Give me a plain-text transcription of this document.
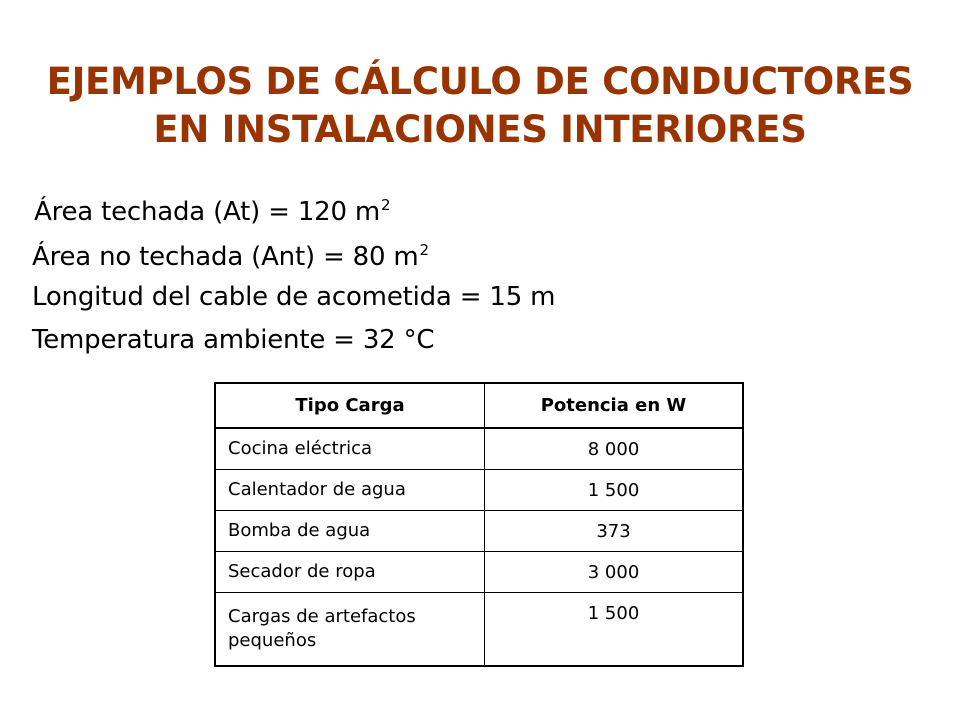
EJEMPLOS DE CÁLCULO DE CONDUCTORES
EN INSTALACIONES INTERIORES
Área techada (At) = 120 $m^2$
Área no techada (Ant) = 80 $m^2$
Longitud del cable de acometida = 15 m
Temperatura ambiente = 32 °C
Tipo Carga	Potencia en W
Cocina eléctrica	8 000
Calentador de agua	1 500
Bomba de agua	373
Secador de ropa	3 000
Cargas de artefactos pequeños	1 500
